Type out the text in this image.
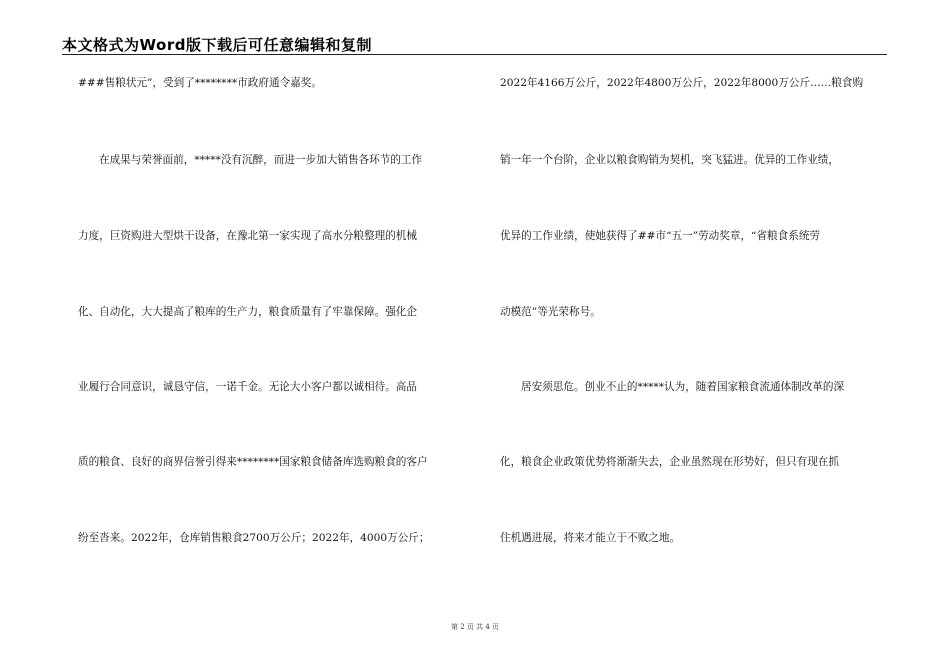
本文格式为Word版下载后可任意编辑和复制
###售粮状元”，受到了********市政府通令嘉奖。
在成果与荣誉面前，*****没有沉醉，而进一步加大销售各环节的工作
力度，巨资购进大型烘干设备，在豫北第一家实现了高水分粮整理的机械
化、自动化，大大提高了粮库的生产力，粮食质量有了牢靠保障。强化企
业履行合同意识，诚恳守信，一诺千金。无论大小客户都以诚相待。高品
质的粮食、良好的商界信誉引得来********国家粮食储备库选购粮食的客户
纷至沓来。2022年，仓库销售粮食2700万公斤；2022年，4000万公斤；
2022年4166万公斤，2022年4800万公斤，2022年8000万公斤……粮食购
销一年一个台阶，企业以粮食购销为契机，突飞猛进。优异的工作业绩，
优异的工作业绩，使她获得了##市“五一”劳动奖章，“省粮食系统劳
动模范”等光荣称号。
居安须思危。创业不止的*****认为，随着国家粮食流通体制改革的深
化，粮食企业政策优势将渐渐失去，企业虽然现在形势好，但只有现在抓
住机遇进展，将来才能立于不败之地。
第 2 页 共 4 页
